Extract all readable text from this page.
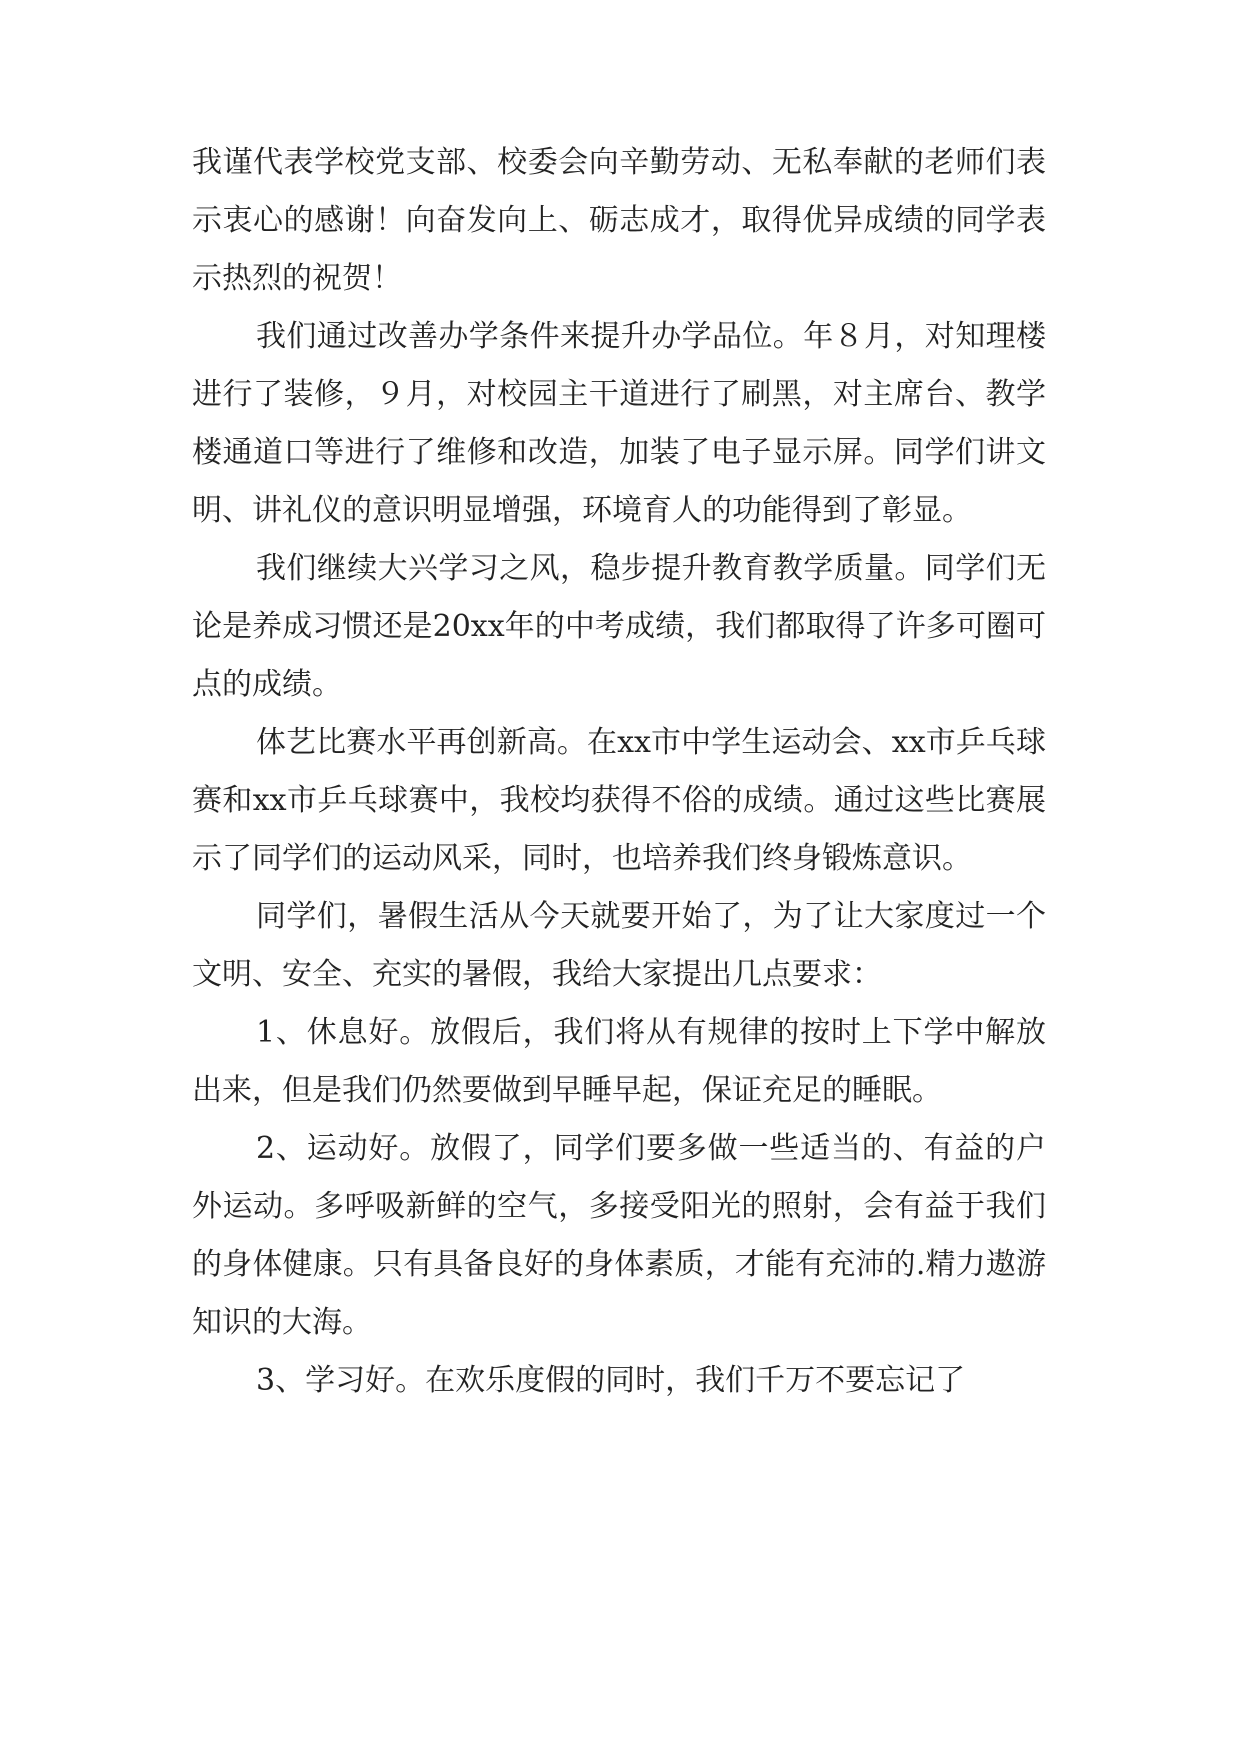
我谨代表学校党支部、校委会向辛勤劳动、无私奉献的老师们表示衷心的感谢！向奋发向上、砺志成才，取得优异成绩的同学表示热烈的祝贺！

我们通过改善办学条件来提升办学品位。年８月，对知理楼进行了装修，９月，对校园主干道进行了刷黑，对主席台、教学楼通道口等进行了维修和改造，加装了电子显示屏。同学们讲文明、讲礼仪的意识明显增强，环境育人的功能得到了彰显。

我们继续大兴学习之风，稳步提升教育教学质量。同学们无论是养成习惯还是20xx年的中考成绩，我们都取得了许多可圈可点的成绩。

体艺比赛水平再创新高。在xx市中学生运动会、xx市乒乓球赛和xx市乒乓球赛中，我校均获得不俗的成绩。通过这些比赛展示了同学们的运动风采，同时，也培养我们终身锻炼意识。

同学们，暑假生活从今天就要开始了，为了让大家度过一个文明、安全、充实的暑假，我给大家提出几点要求：

1、休息好。放假后，我们将从有规律的按时上下学中解放出来，但是我们仍然要做到早睡早起，保证充足的睡眠。

2、运动好。放假了，同学们要多做一些适当的、有益的户外运动。多呼吸新鲜的空气，多接受阳光的照射，会有益于我们的身体健康。只有具备良好的身体素质，才能有充沛的.精力遨游知识的大海。

3、学习好。在欢乐度假的同时，我们千万不要忘记了
